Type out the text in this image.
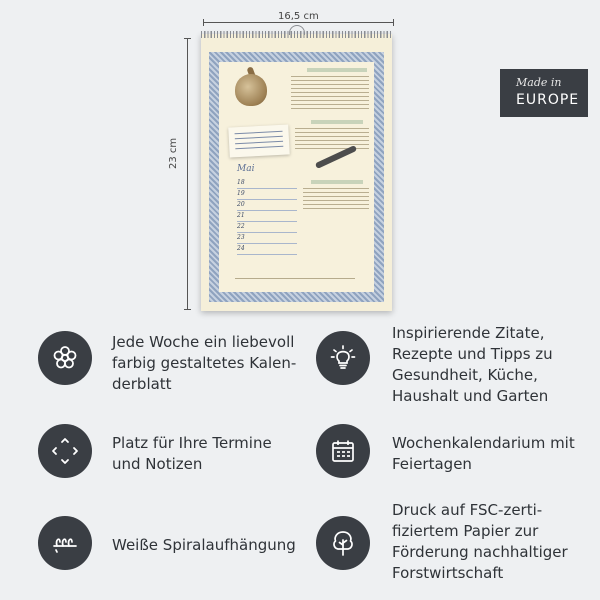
16,5 cm
23 cm	Mai
18
19
20
21
22
23
24
Made in
EUROPE
Jede Woche ein liebevoll
farbig gestaltetes Kalen-
derblatt
Inspirierende Zitate,
Rezepte und Tipps zu
Gesundheit, Küche,
Haushalt und Garten
Platz für Ihre Termine
und Notizen
Wochenkalendarium mit
Feiertagen
Weiße Spiralaufhängung
Druck auf FSC-zerti-
fiziertem Papier zur
Förderung nachhaltiger
Forstwirtschaft
